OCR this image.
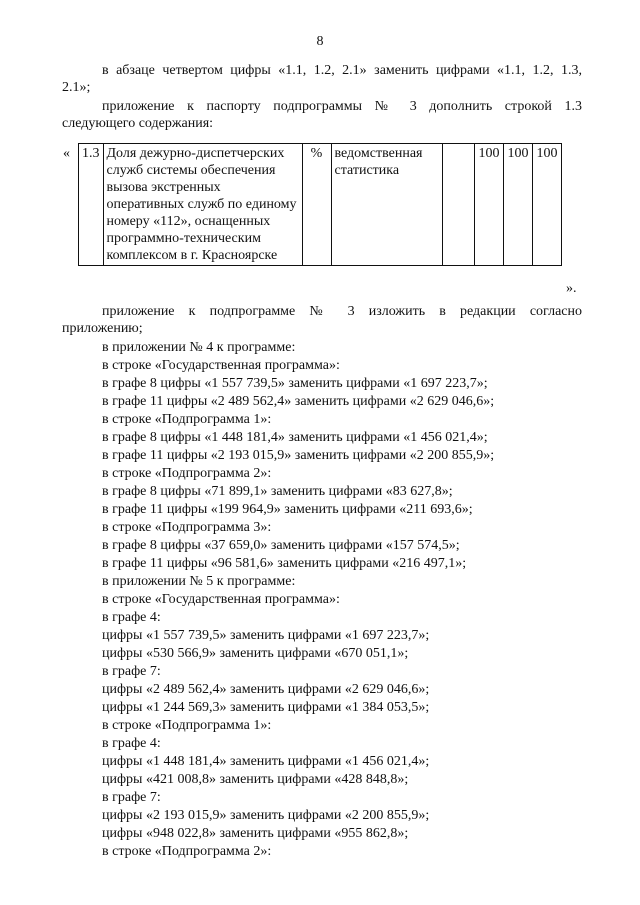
8
в абзаце четвертом цифры «1.1, 1.2, 2.1» заменить цифрами «1.1, 1.2, 1.3,
2.1»;
приложение к паспорту подпрограммы № 3 дополнить строкой 1.3
следующего содержания:
« 1.3	Доля дежурно-диспетчерских служб системы обеспечения вызова экстренных оперативных служб по единому номеру «112», оснащенных программно-техническим комплексом в г. Красноярске	%	ведомственная статистика		100	100	100
».
приложение к подпрограмме № 3 изложить в редакции согласно
приложению;
в приложении № 4 к программе:
в строке «Государственная программа»:
в графе 8 цифры «1 557 739,5» заменить цифрами «1 697 223,7»;
в графе 11 цифры «2 489 562,4» заменить цифрами «2 629 046,6»;
в строке «Подпрограмма 1»:
в графе 8 цифры «1 448 181,4» заменить цифрами «1 456 021,4»;
в графе 11 цифры «2 193 015,9» заменить цифрами «2 200 855,9»;
в строке «Подпрограмма 2»:
в графе 8 цифры «71 899,1» заменить цифрами «83 627,8»;
в графе 11 цифры «199 964,9» заменить цифрами «211 693,6»;
в строке «Подпрограмма 3»:
в графе 8 цифры «37 659,0» заменить цифрами «157 574,5»;
в графе 11 цифры «96 581,6» заменить цифрами «216 497,1»;
в приложении № 5 к программе:
в строке «Государственная программа»:
в графе 4:
цифры «1 557 739,5» заменить цифрами «1 697 223,7»;
цифры «530 566,9» заменить цифрами «670 051,1»;
в графе 7:
цифры «2 489 562,4» заменить цифрами «2 629 046,6»;
цифры «1 244 569,3» заменить цифрами «1 384 053,5»;
в строке «Подпрограмма 1»:
в графе 4:
цифры «1 448 181,4» заменить цифрами «1 456 021,4»;
цифры «421 008,8» заменить цифрами «428 848,8»;
в графе 7:
цифры «2 193 015,9» заменить цифрами «2 200 855,9»;
цифры «948 022,8» заменить цифрами «955 862,8»;
в строке «Подпрограмма 2»:
